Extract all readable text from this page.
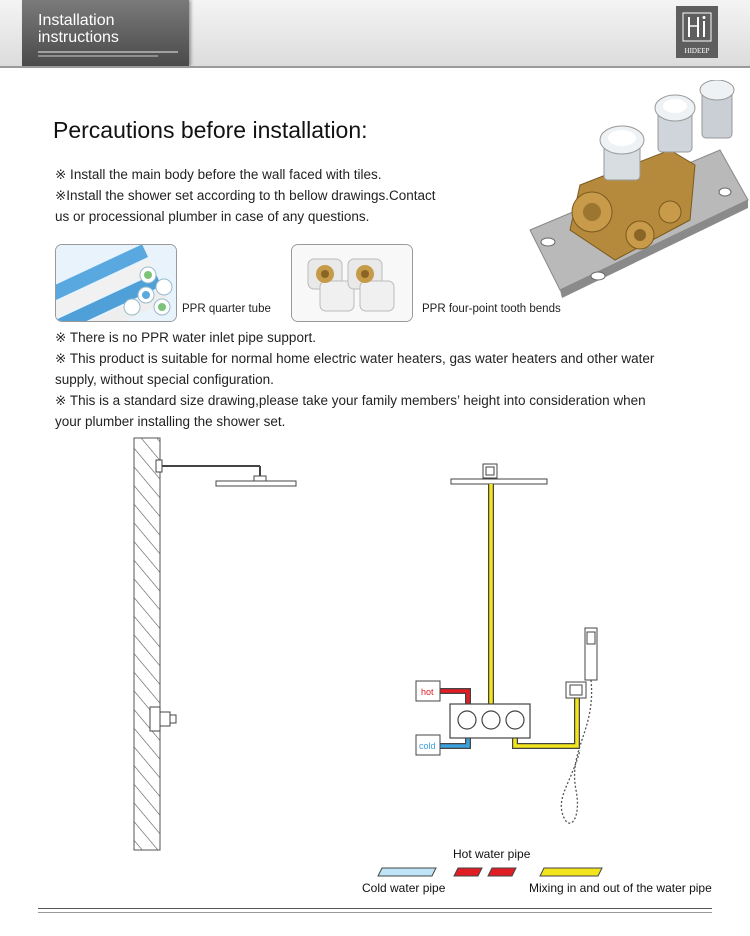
Installation
instructions
HIDEEP
Percautions before installation:
※ Install the main body before the wall faced with tiles.
※Install the shower set according to th bellow drawings.Contact
us or processional plumber in case of any questions.
PPR quarter tube	PPR four-point tooth bends
※ There is no PPR water inlet pipe support.
※ This product is suitable for normal home electric water heaters, gas water heaters and other water
supply, without special configuration.
※ This is a standard size drawing,please take your family members’ height into consideration when
your plumber installing the shower set.
hot
cold
Hot water pipe
Cold water pipe	Mixing in and out of the water pipe
